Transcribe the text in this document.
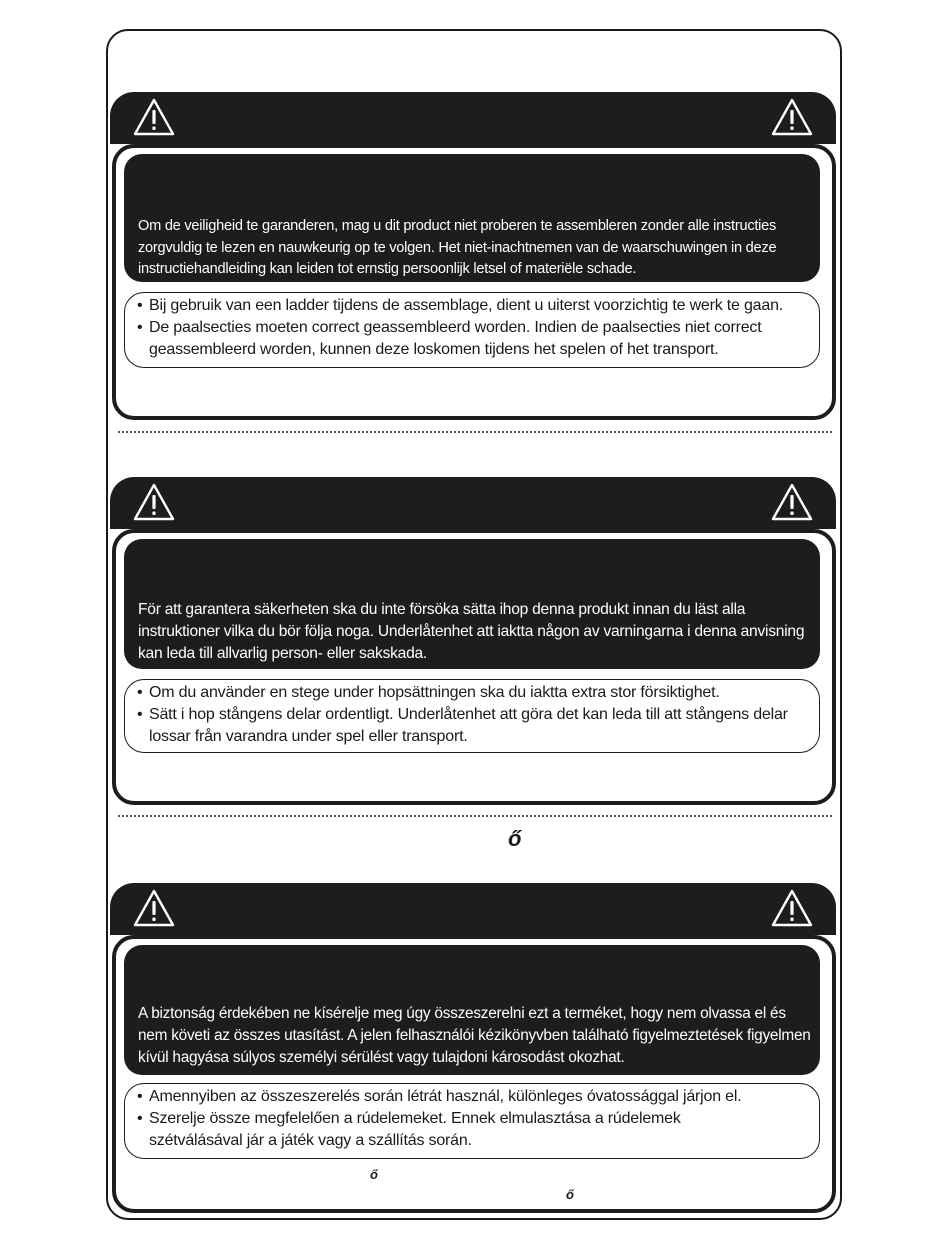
Om de veiligheid te garanderen, mag u dit product niet proberen te assembleren zonder alle instructies zorgvuldig te lezen en nauwkeurig op te volgen. Het niet-inachtnemen van de waarschuwingen in deze instructiehandleiding kan leiden tot ernstig persoonlijk letsel of materiële schade.

• Bij gebruik van een ladder tijdens de assemblage, dient u uiterst voorzichtig te werk te gaan.
• De paalsecties moeten correct geassembleerd worden. Indien de paalsecties niet correct geassembleerd worden, kunnen deze loskomen tijdens het spelen of het transport.

För att garantera säkerheten ska du inte försöka sätta ihop denna produkt innan du läst alla instruktioner vilka du bör följa noga. Underlåtenhet att iaktta någon av varningarna i denna anvisning kan leda till allvarlig person- eller sakskada.

• Om du använder en stege under hopsättningen ska du iaktta extra stor försiktighet.
• Sätt i hop stångens delar ordentligt. Underlåtenhet att göra det kan leda till att stångens delar lossar från varandra under spel eller transport.
ő

A biztonság érdekében ne kísérelje meg úgy összeszerelni ezt a terméket, hogy nem olvassa el és nem követi az összes utasítást. A jelen felhasználói kézikönyvben található figyelmeztetések figyelmen kívül hagyása súlyos személyi sérülést vagy tulajdoni károsodást okozhat.

• Amennyiben az összeszerelés során létrát használ, különleges óvatossággal járjon el.
• Szerelje össze megfelelően a rúdelemeket. Ennek elmulasztása a rúdelemek szétválásával jár a játék vagy a szállítás során.
ő
ő
